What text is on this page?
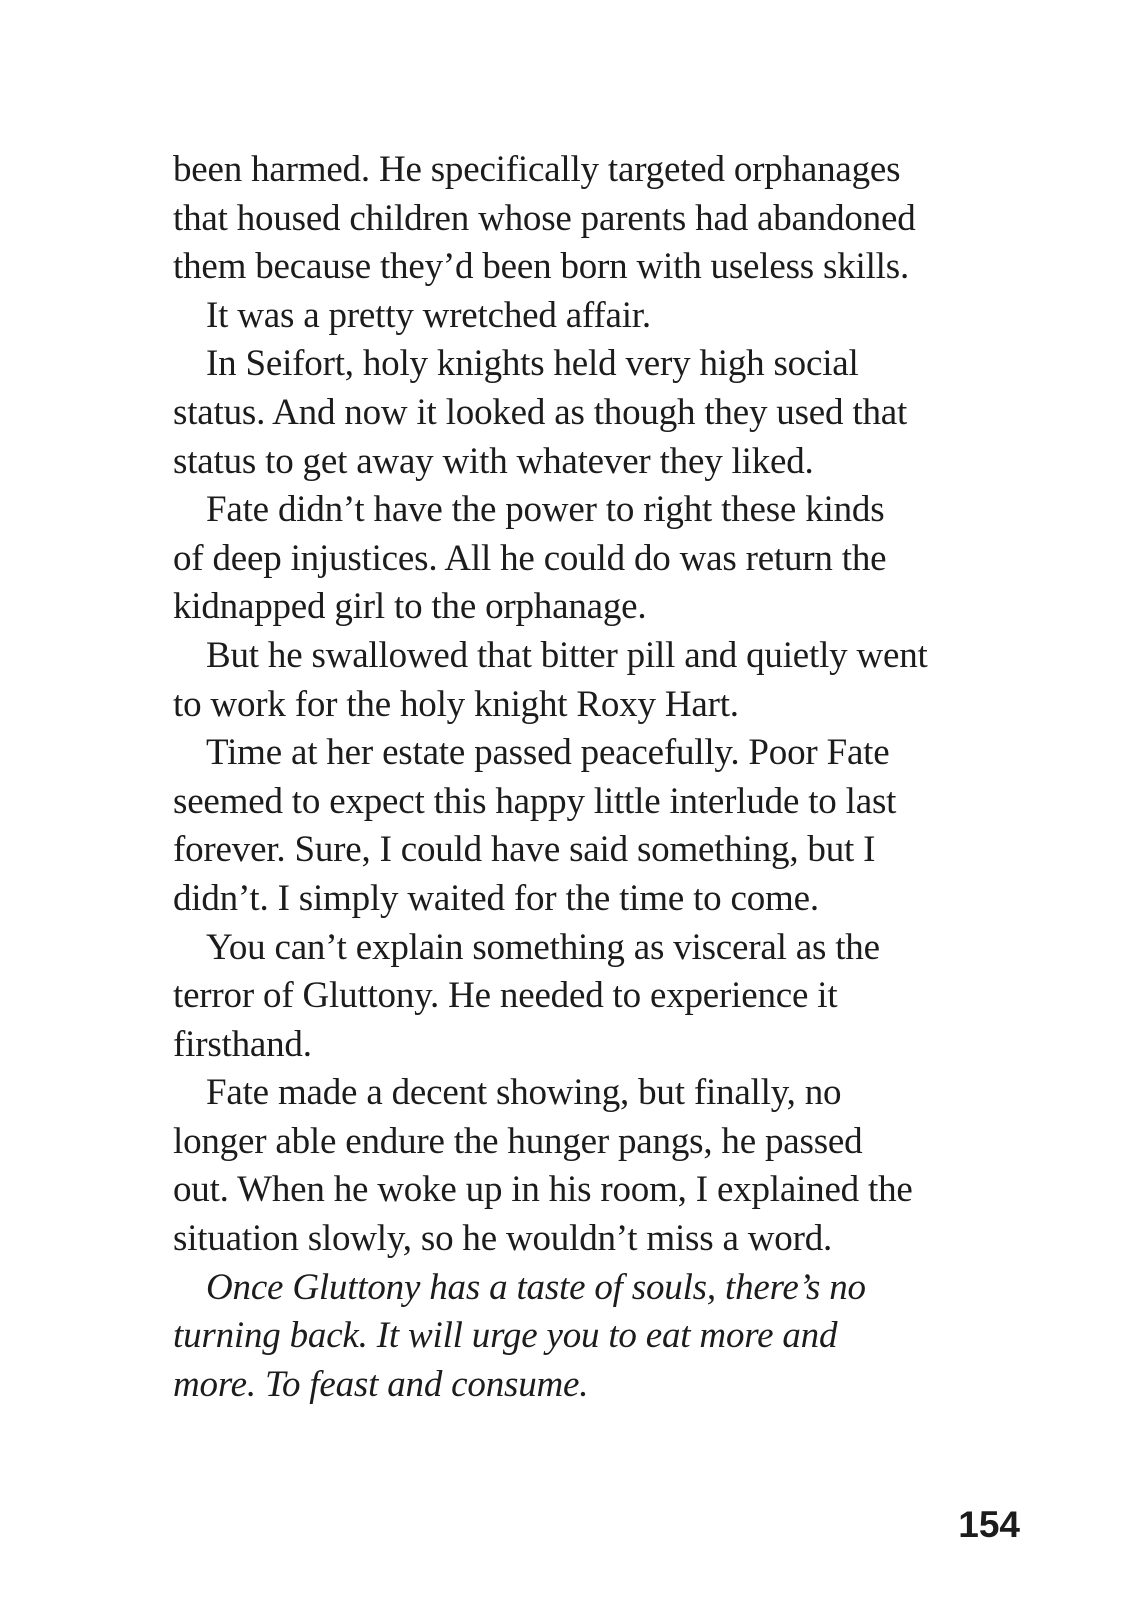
been harmed. He specifically targeted orphanages
that housed children whose parents had abandoned
them because they’d been born with useless skills.

It was a pretty wretched affair.

In Seifort, holy knights held very high social
status. And now it looked as though they used that
status to get away with whatever they liked.

Fate didn’t have the power to right these kinds
of deep injustices. All he could do was return the
kidnapped girl to the orphanage.

But he swallowed that bitter pill and quietly went
to work for the holy knight Roxy Hart.

Time at her estate passed peacefully. Poor Fate
seemed to expect this happy little interlude to last
forever. Sure, I could have said something, but I
didn’t. I simply waited for the time to come.

You can’t explain something as visceral as the
terror of Gluttony. He needed to experience it
firsthand.

Fate made a decent showing, but finally, no
longer able endure the hunger pangs, he passed
out. When he woke up in his room, I explained the
situation slowly, so he wouldn’t miss a word.

Once Gluttony has a taste of souls, there’s no
turning back. It will urge you to eat more and
more. To feast and consume.

154
